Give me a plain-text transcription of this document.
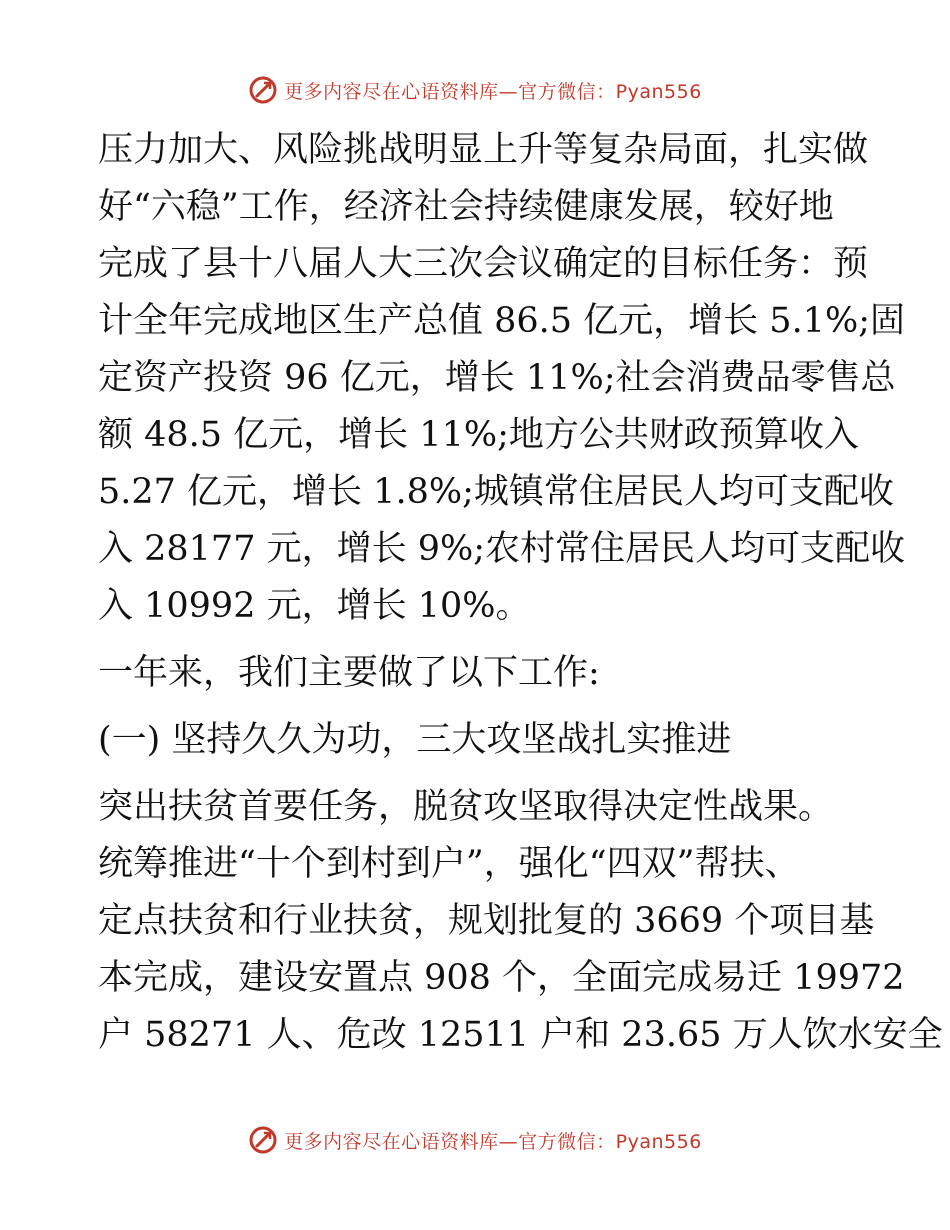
更多内容尽在心语资料库—官方微信：Pyan556

压力加大、风险挑战明显上升等复杂局面，扎实做
好“六稳”工作，经济社会持续健康发展，较好地
完成了县十八届人大三次会议确定的目标任务：预
计全年完成地区生产总值 86.5 亿元，增长 5.1%;固
定资产投资 96 亿元，增长 11%;社会消费品零售总
额 48.5 亿元，增长 11%;地方公共财政预算收入
5.27 亿元，增长 1.8%;城镇常住居民人均可支配收
入 28177 元，增长 9%;农村常住居民人均可支配收
入 10992 元，增长 10%。

一年来，我们主要做了以下工作:

(一) 坚持久久为功，三大攻坚战扎实推进

突出扶贫首要任务，脱贫攻坚取得决定性战果。
统筹推进“十个到村到户”，强化“四双”帮扶、
定点扶贫和行业扶贫，规划批复的 3669 个项目基
本完成，建设安置点 908 个，全面完成易迁 19972
户 58271 人、危改 12511 户和 23.65 万人饮水安全

更多内容尽在心语资料库—官方微信：Pyan556
